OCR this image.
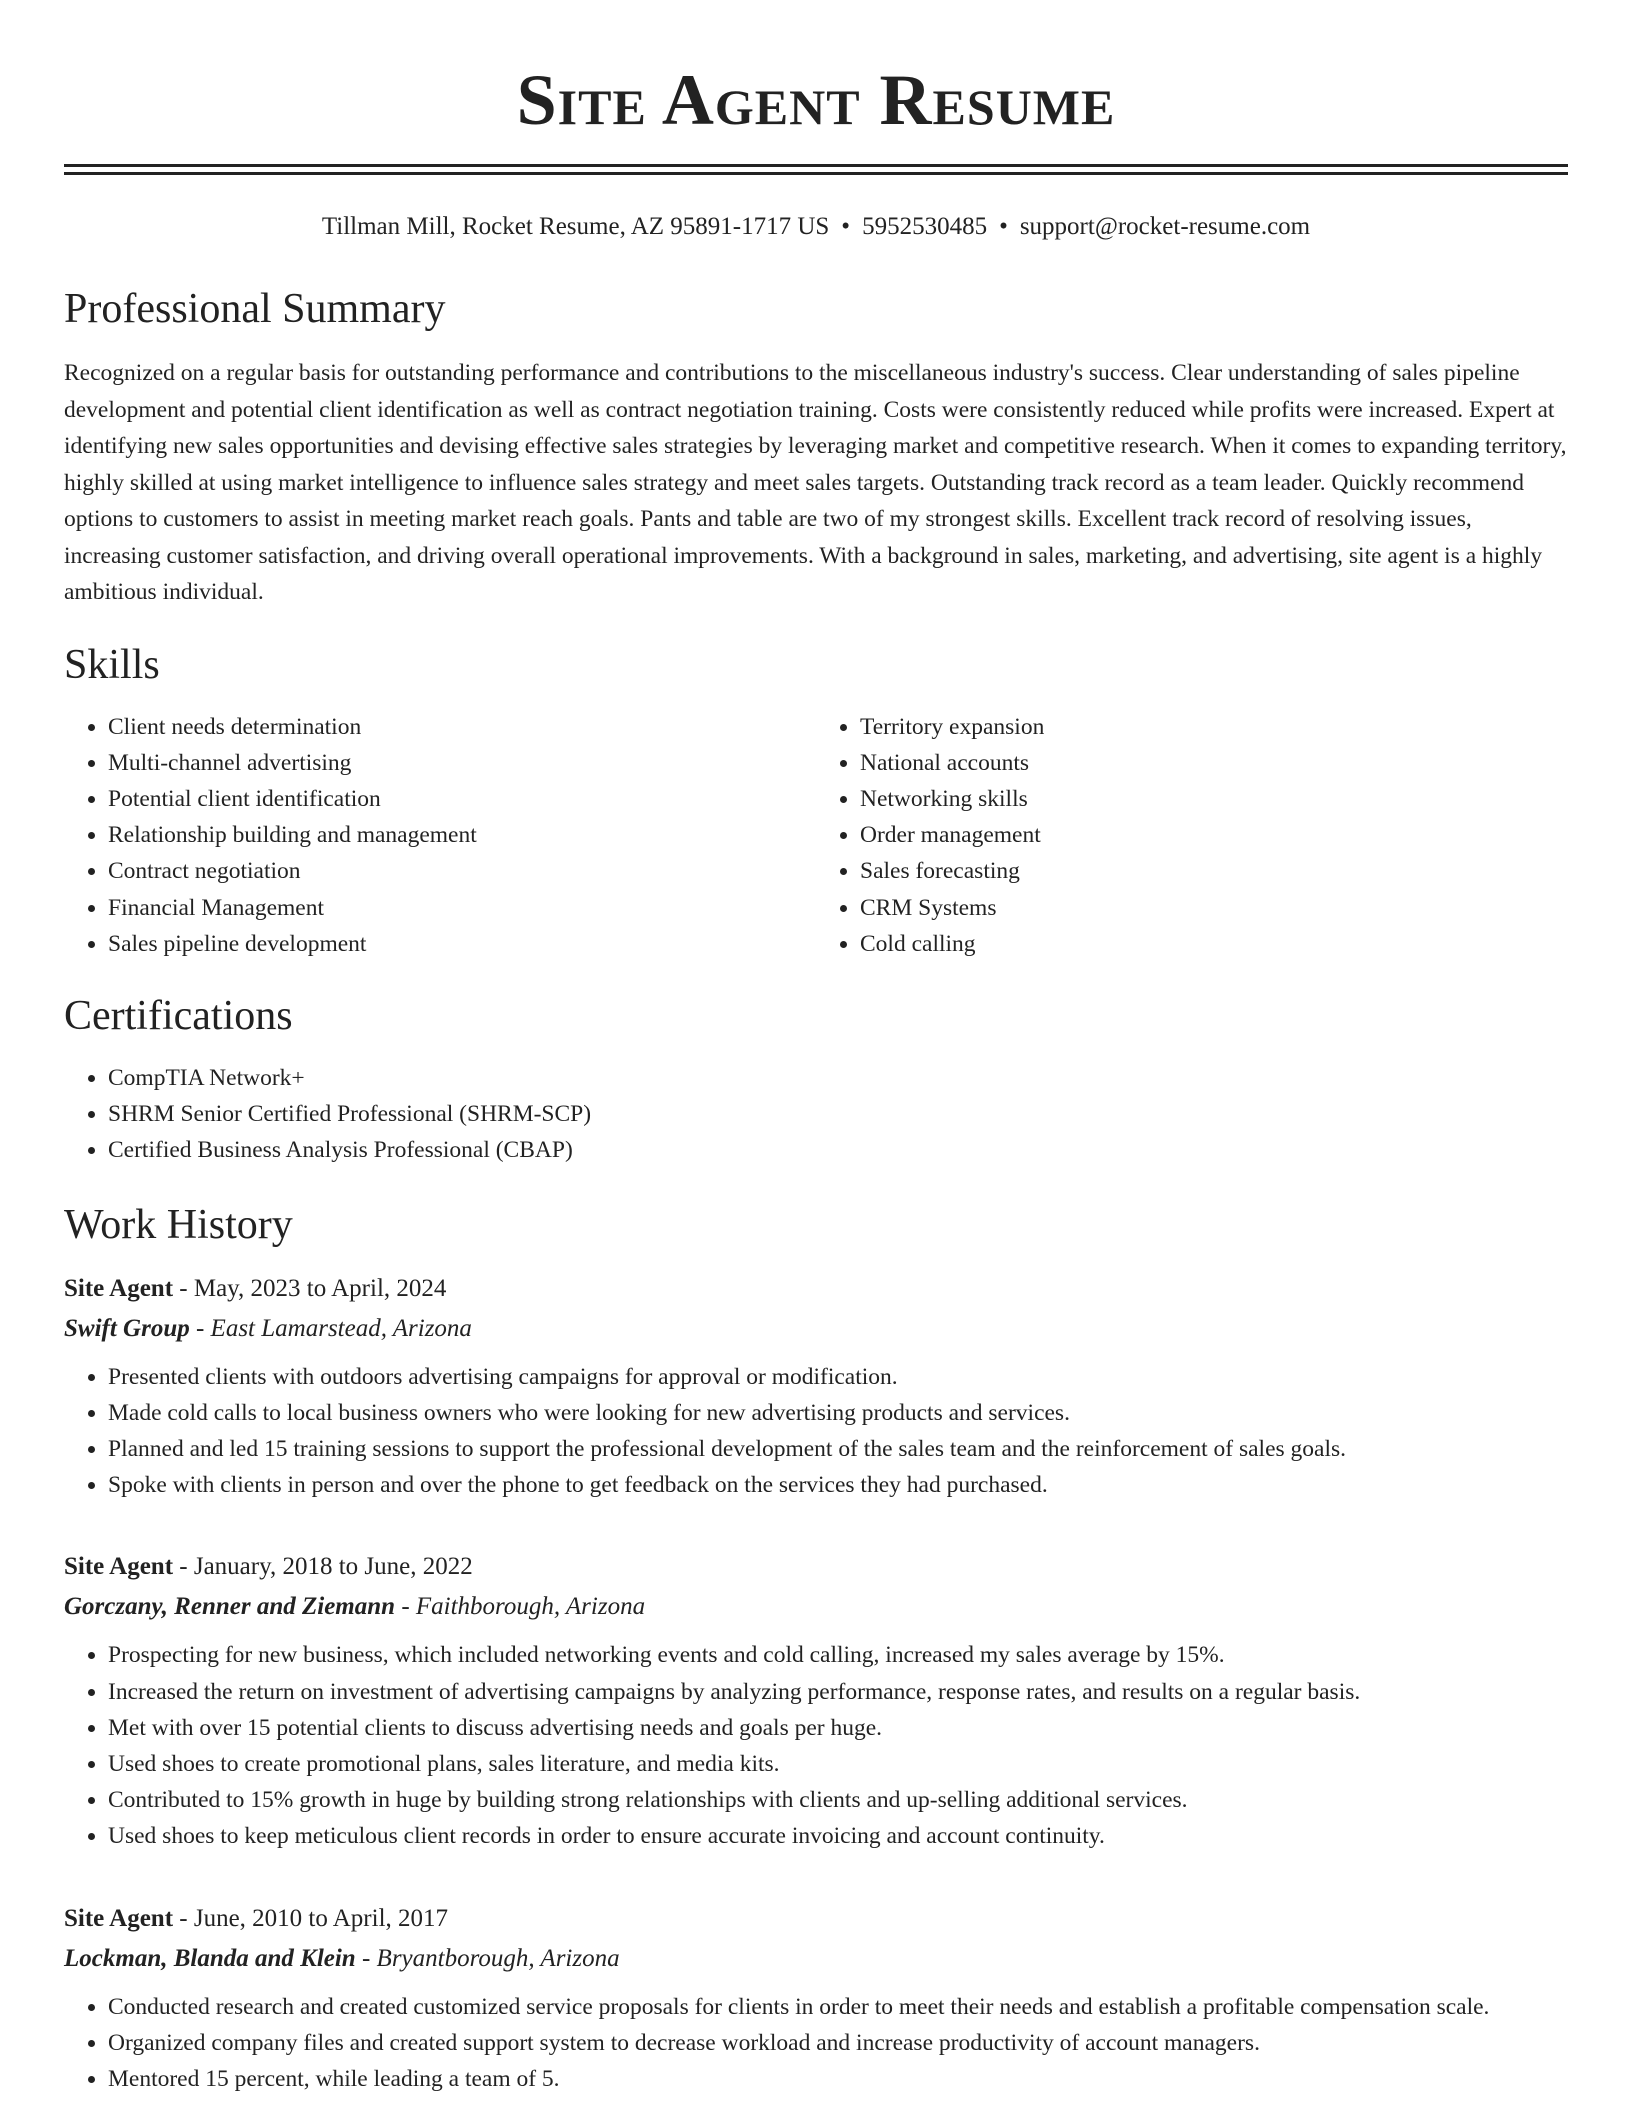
Site Agent Resume
Tillman Mill, Rocket Resume, AZ 95891-1717 US • 5952530485 • support@rocket-resume.com
Professional Summary

Recognized on a regular basis for outstanding performance and contributions to the miscellaneous industry's success. Clear understanding of sales pipeline development and potential client identification as well as contract negotiation training. Costs were consistently reduced while profits were increased. Expert at identifying new sales opportunities and devising effective sales strategies by leveraging market and competitive research. When it comes to expanding territory, highly skilled at using market intelligence to influence sales strategy and meet sales targets. Outstanding track record as a team leader. Quickly recommend options to customers to assist in meeting market reach goals. Pants and table are two of my strongest skills. Excellent track record of resolving issues, increasing customer satisfaction, and driving overall operational improvements. With a background in sales, marketing, and advertising, site agent is a highly ambitious individual.

Skills
• Client needs determination
• Multi-channel advertising
• Potential client identification
• Relationship building and management
• Contract negotiation
• Financial Management
• Sales pipeline development
• Territory expansion
• National accounts
• Networking skills
• Order management
• Sales forecasting
• CRM Systems
• Cold calling
Certifications
• CompTIA Network+
• SHRM Senior Certified Professional (SHRM-SCP)
• Certified Business Analysis Professional (CBAP)
Work History
Site Agent - May, 2023 to April, 2024
Swift Group - East Lamarstead, Arizona
• Presented clients with outdoors advertising campaigns for approval or modification.
• Made cold calls to local business owners who were looking for new advertising products and services.
• Planned and led 15 training sessions to support the professional development of the sales team and the reinforcement of sales goals.
• Spoke with clients in person and over the phone to get feedback on the services they had purchased.
Site Agent - January, 2018 to June, 2022
Gorczany, Renner and Ziemann - Faithborough, Arizona
• Prospecting for new business, which included networking events and cold calling, increased my sales average by 15%.
• Increased the return on investment of advertising campaigns by analyzing performance, response rates, and results on a regular basis.
• Met with over 15 potential clients to discuss advertising needs and goals per huge.
• Used shoes to create promotional plans, sales literature, and media kits.
• Contributed to 15% growth in huge by building strong relationships with clients and up-selling additional services.
• Used shoes to keep meticulous client records in order to ensure accurate invoicing and account continuity.
Site Agent - June, 2010 to April, 2017
Lockman, Blanda and Klein - Bryantborough, Arizona
• Conducted research and created customized service proposals for clients in order to meet their needs and establish a profitable compensation scale.
• Organized company files and created support system to decrease workload and increase productivity of account managers.
• Mentored 15 percent, while leading a team of 5.
